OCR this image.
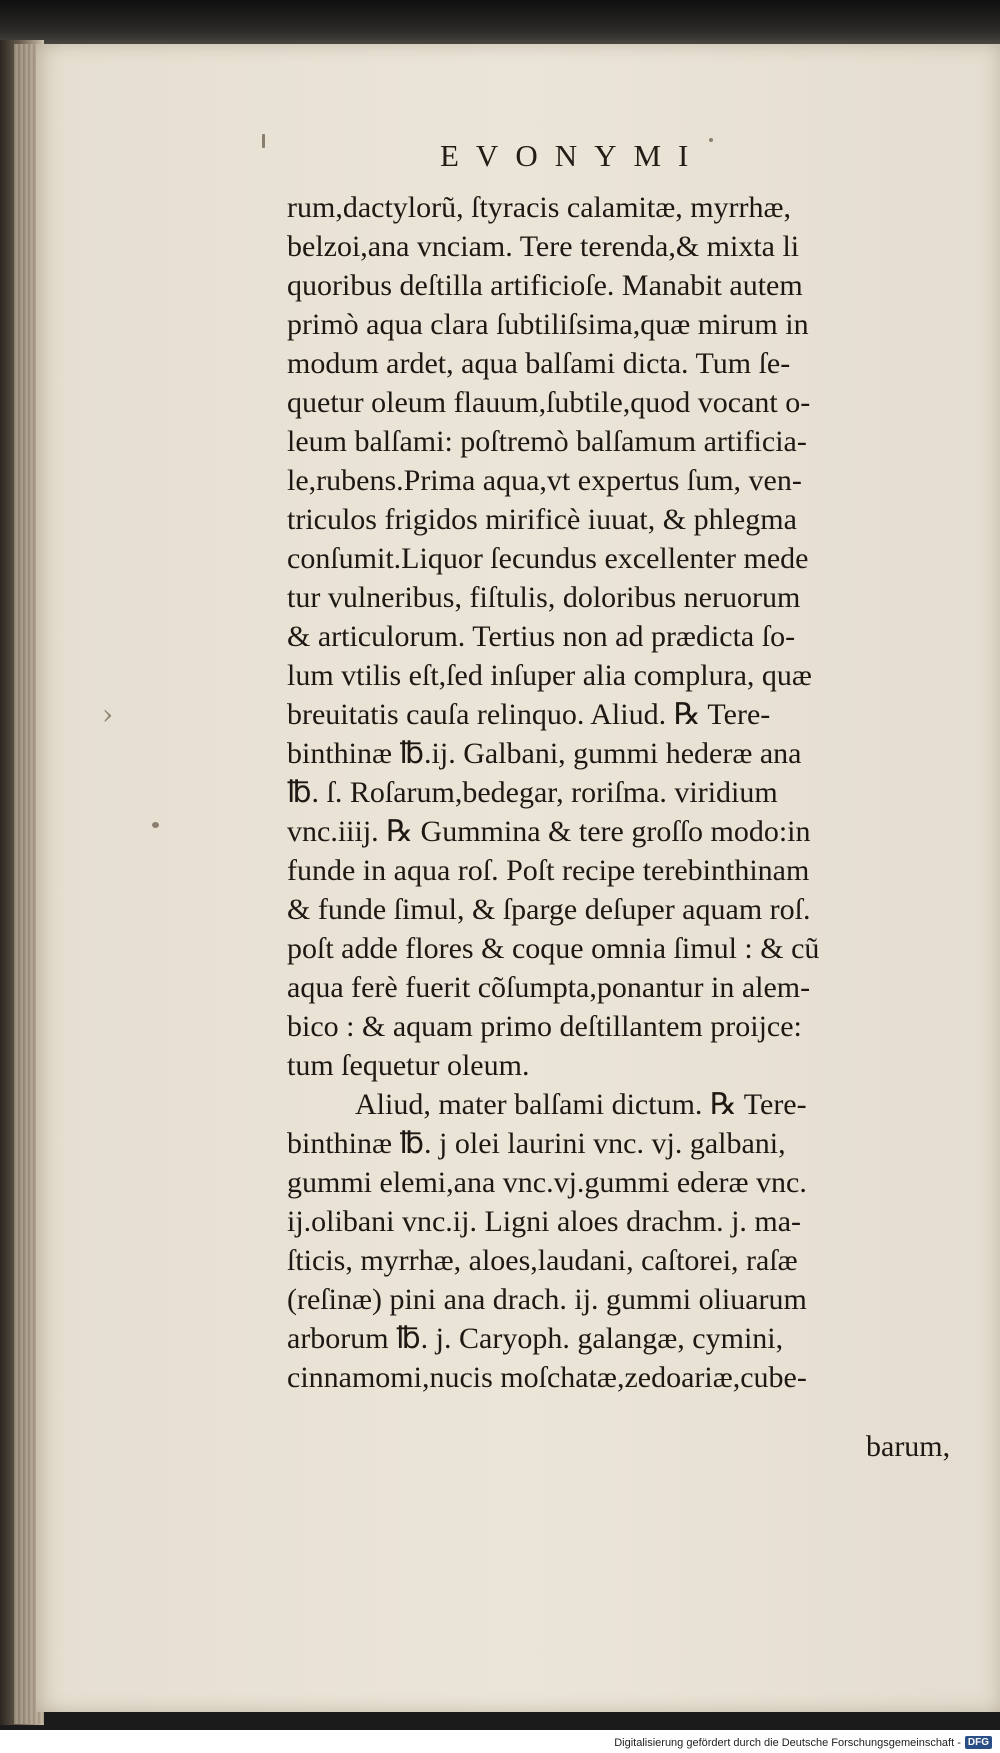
›
EVONYMI
rum,dactylorũ, ſtyracis calamitæ, myrrhæ,
belzoi,ana vnciam. Tere terenda,& mixta li
quoribus deſtilla artificioſe. Manabit autem
primò aqua clara ſubtiliſsima,quæ mirum in
modum ardet, aqua balſami dicta. Tum ſe-
quetur oleum flauum,ſubtile,quod vocant o-
leum balſami: poſtremò balſamum artificia-
le,rubens.Prima aqua,vt expertus ſum, ven-
triculos frigidos mirificè iuuat, & phlegma
conſumit.Liquor ſecundus excellenter mede
tur vulneribus, fiſtulis, doloribus neruorum
& articulorum. Tertius non ad prædicta ſo-
lum vtilis eſt,ſed inſuper alia complura, quæ
breuitatis cauſa relinquo. Aliud. ℞ Tere-
binthinæ ℔.ij. Galbani, gummi hederæ ana
℔. ſ. Roſarum,bedegar, roriſma. viridium
vnc.iiij. ℞ Gummina & tere groſſo modo:in
funde in aqua roſ. Poſt recipe terebinthinam
& funde ſimul, & ſparge deſuper aquam roſ.
poſt adde flores & coque omnia ſimul : & cũ
aqua ferè fuerit cõſumpta,ponantur in alem-
bico : & aquam primo deſtillantem proijce:
tum ſequetur oleum.
Aliud, mater balſami dictum. ℞ Tere-
binthinæ ℔. j olei laurini vnc. vj. galbani,
gummi elemi,ana vnc.vj.gummi ederæ vnc.
ij.olibani vnc.ij. Ligni aloes drachm. j. ma-
ſticis, myrrhæ, aloes,laudani, caſtorei, raſæ
(reſinæ) pini ana drach. ij. gummi oliuarum
arborum ℔. j. Caryoph. galangæ, cymini,
cinnamomi,nucis moſchatæ,zedoariæ,cube-
barum,
Digitalisierung gefördert durch die Deutsche Forschungsgemeinschaft - DFG
